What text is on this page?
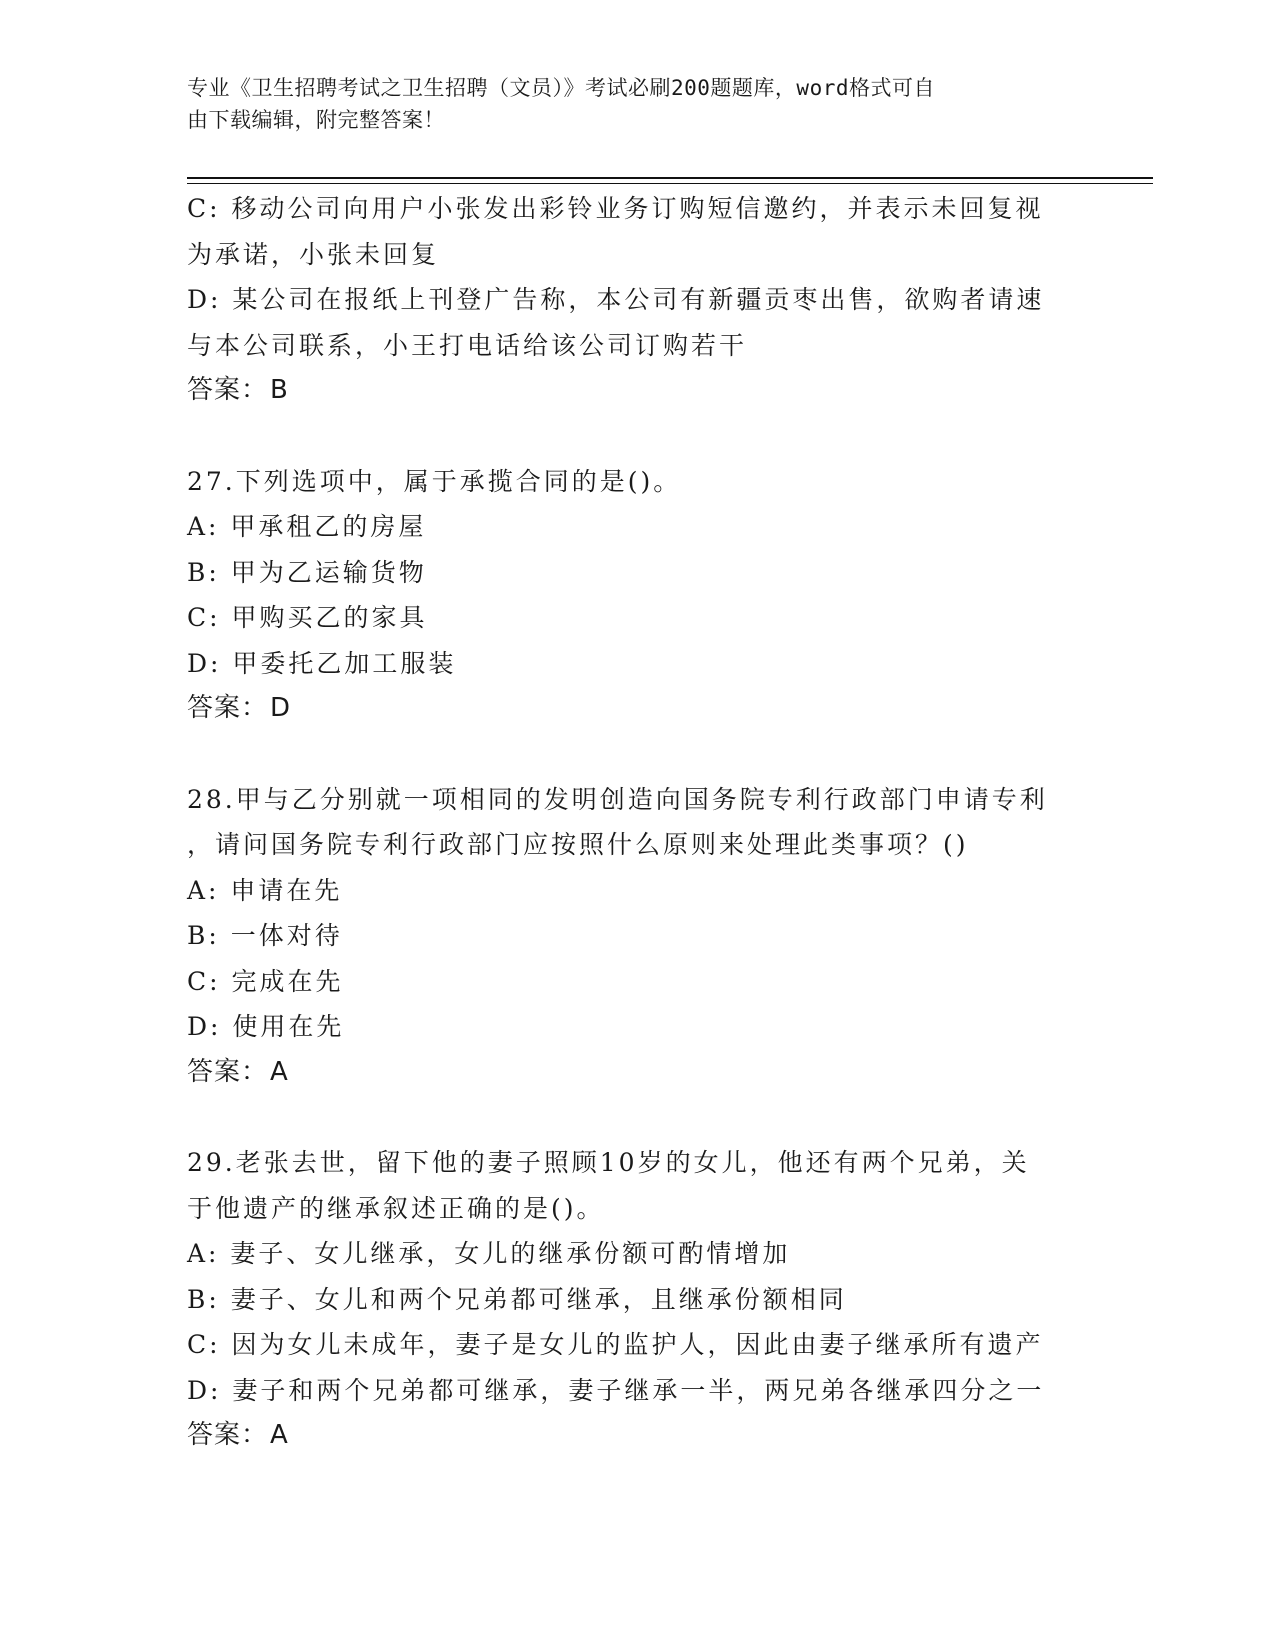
专业《卫生招聘考试之卫生招聘（文员）》考试必刷200题题库，word格式可自
由下载编辑，附完整答案！
C: 移动公司向用户小张发出彩铃业务订购短信邀约，并表示未回复视
为承诺，小张未回复
D: 某公司在报纸上刊登广告称，本公司有新疆贡枣出售，欲购者请速
与本公司联系，小王打电话给该公司订购若干
答案：B
27.下列选项中，属于承揽合同的是()。
A: 甲承租乙的房屋
B: 甲为乙运输货物
C: 甲购买乙的家具
D: 甲委托乙加工服装
答案：D
28.甲与乙分别就一项相同的发明创造向国务院专利行政部门申请专利
，请问国务院专利行政部门应按照什么原则来处理此类事项？()
A: 申请在先
B: 一体对待
C: 完成在先
D: 使用在先
答案：A
29.老张去世，留下他的妻子照顾10岁的女儿，他还有两个兄弟，关
于他遗产的继承叙述正确的是()。
A: 妻子、女儿继承，女儿的继承份额可酌情增加
B: 妻子、女儿和两个兄弟都可继承，且继承份额相同
C: 因为女儿未成年，妻子是女儿的监护人，因此由妻子继承所有遗产
D: 妻子和两个兄弟都可继承，妻子继承一半，两兄弟各继承四分之一
答案：A
